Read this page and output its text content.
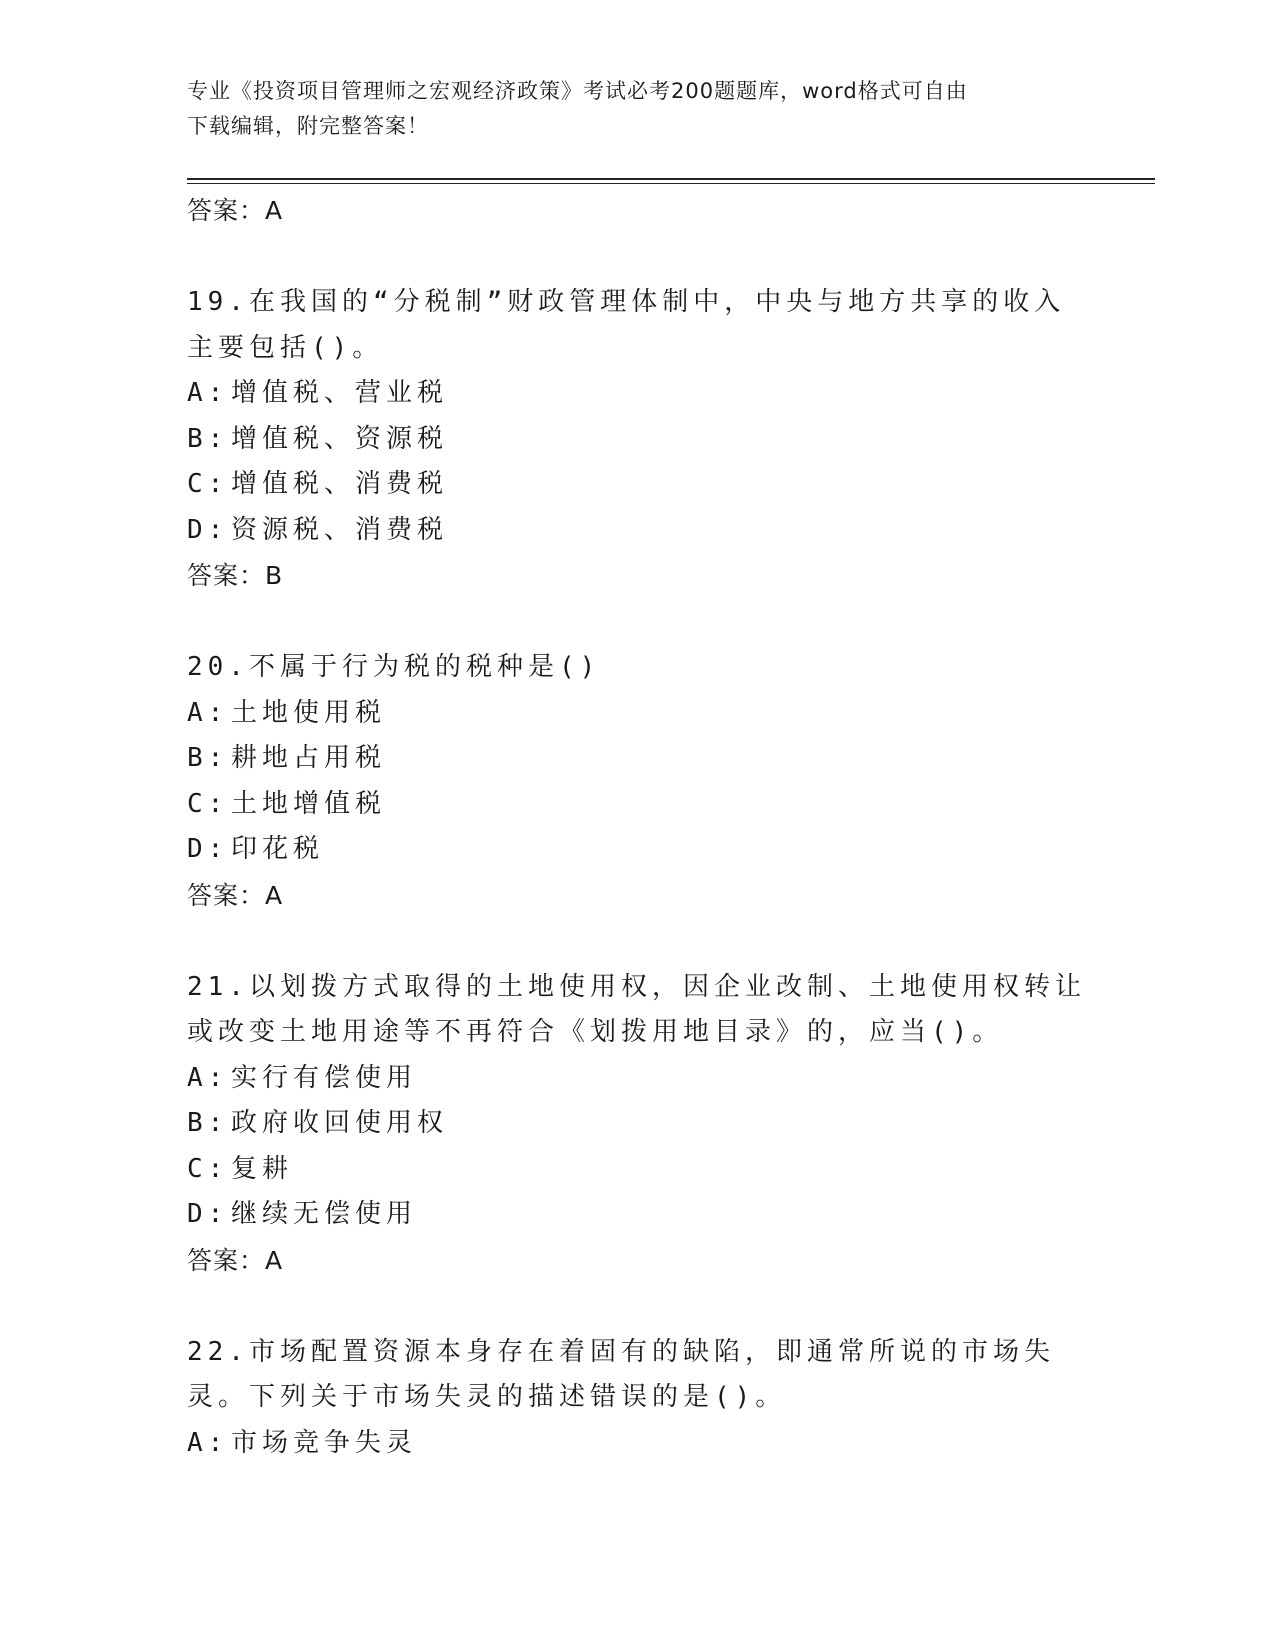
专业《投资项目管理师之宏观经济政策》考试必考200题题库，word格式可自由
下载编辑，附完整答案！
答案：A

19.在我国的“分税制”财政管理体制中，中央与地方共享的收入主要包括()。

A: 增值税、营业税
B: 增值税、资源税
C: 增值税、消费税
D: 资源税、消费税
答案：B

20.不属于行为税的税种是()

A: 土地使用税
B: 耕地占用税
C: 土地增值税
D: 印花税
答案：A

21.以划拨方式取得的土地使用权，因企业改制、土地使用权转让或改变土地用途等不再符合《划拨用地目录》的，应当()。

A: 实行有偿使用
B: 政府收回使用权
C: 复耕
D: 继续无偿使用
答案：A

22.市场配置资源本身存在着固有的缺陷，即通常所说的市场失灵。下列关于市场失灵的描述错误的是()。

A: 市场竞争失灵
